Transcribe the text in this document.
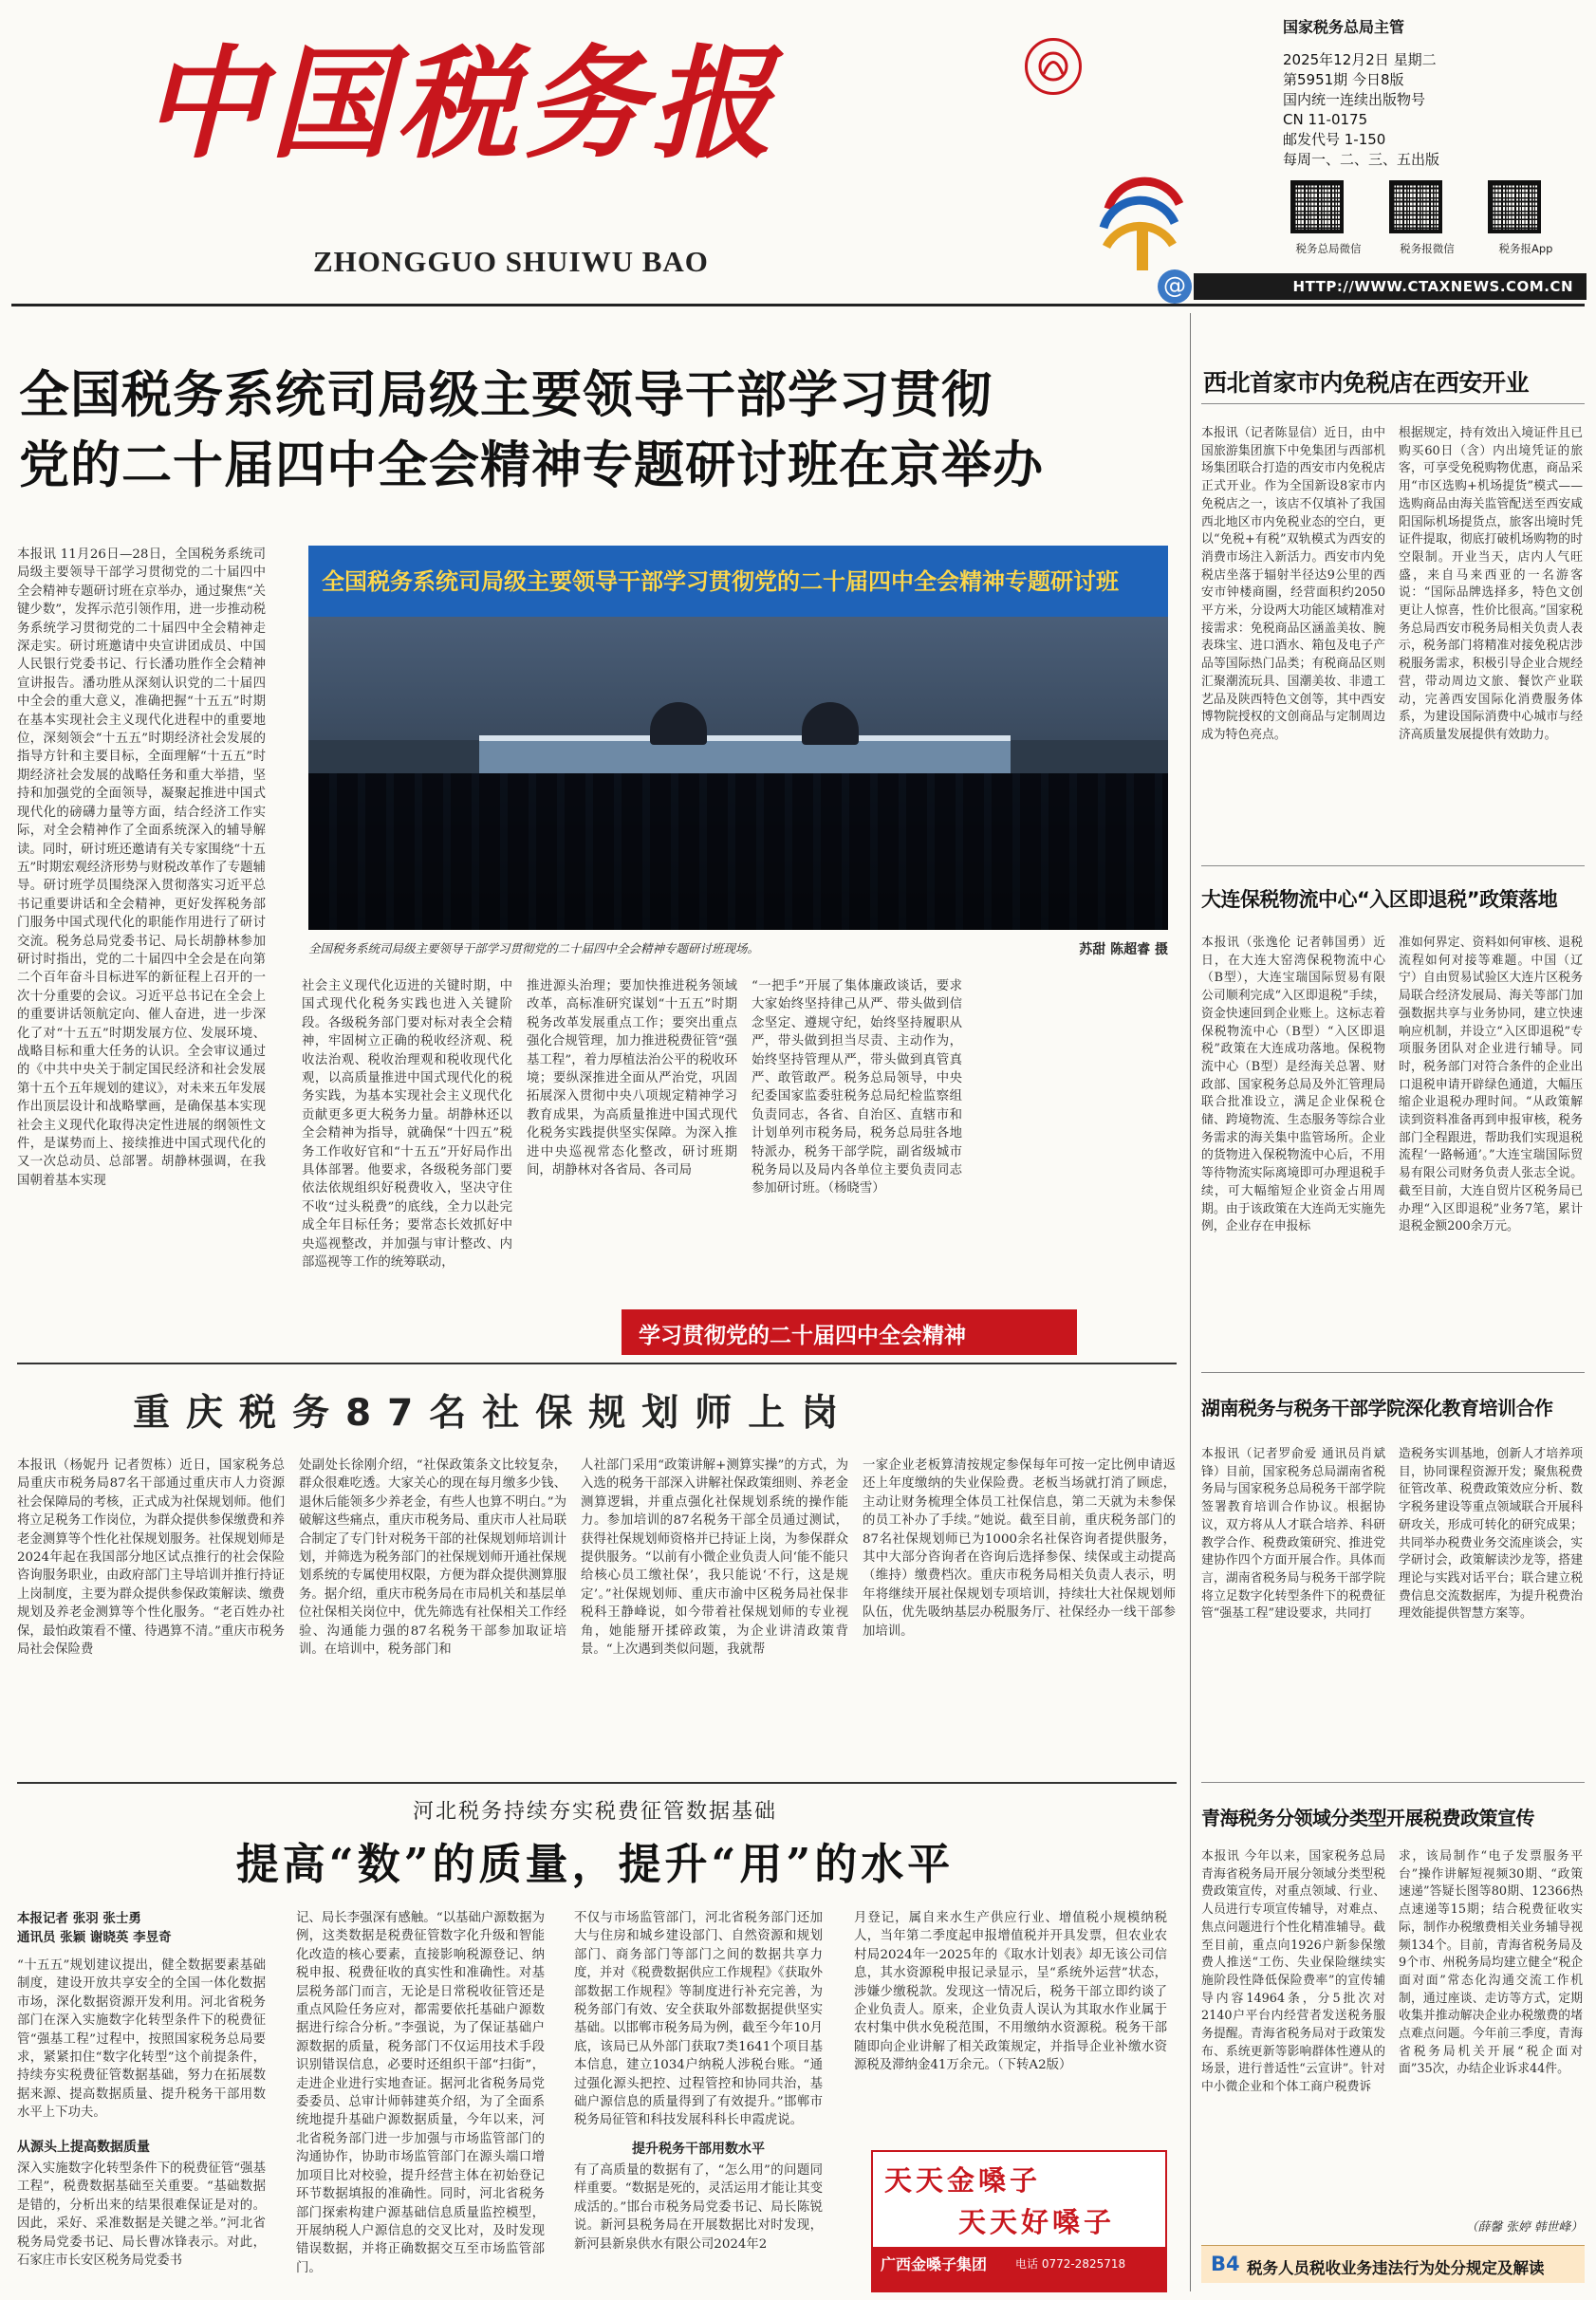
中国税务报
ZHONGGUO SHUIWU BAO
国家税务总局主管
2025年12月2日 星期二
第5951期 今日8版
国内统一连续出版物号
CN 11-0175
邮发代号 1-150
每周一、二、三、五出版
税务总局微信	税务报微信	税务报App
@	HTTP://WWW.CTAXNEWS.COM.CN
全国税务系统司局级主要领导干部学习贯彻
党的二十届四中全会精神专题研讨班在京举办
本报讯 11月26日—28日，全国税务系统司局级主要领导干部学习贯彻党的二十届四中全会精神专题研讨班在京举办，通过聚焦“关键少数”，发挥示范引领作用，进一步推动税务系统学习贯彻党的二十届四中全会精神走深走实。研讨班邀请中央宣讲团成员、中国人民银行党委书记、行长潘功胜作全会精神宣讲报告。潘功胜从深刻认识党的二十届四中全会的重大意义，准确把握“十五五”时期在基本实现社会主义现代化进程中的重要地位，深刻领会“十五五”时期经济社会发展的指导方针和主要目标，全面理解“十五五”时期经济社会发展的战略任务和重大举措，坚持和加强党的全面领导，凝聚起推进中国式现代化的磅礴力量等方面，结合经济工作实际，对全会精神作了全面系统深入的辅导解读。同时，研讨班还邀请有关专家围绕“十五五”时期宏观经济形势与财税改革作了专题辅导。研讨班学员围绕深入贯彻落实习近平总书记重要讲话和全会精神，更好发挥税务部门服务中国式现代化的职能作用进行了研讨交流。税务总局党委书记、局长胡静林参加研讨时指出，党的二十届四中全会是在向第二个百年奋斗目标进军的新征程上召开的一次十分重要的会议。习近平总书记在全会上的重要讲话领航定向、催人奋进，进一步深化了对“十五五”时期发展方位、发展环境、战略目标和重大任务的认识。全会审议通过的《中共中央关于制定国民经济和社会发展第十五个五年规划的建议》，对未来五年发展作出顶层设计和战略擘画，是确保基本实现社会主义现代化取得决定性进展的纲领性文件，是谋势而上、接续推进中国式现代化的又一次总动员、总部署。胡静林强调，在我国朝着基本实现
全国税务系统司局级主要领导干部学习贯彻党的二十届四中全会精神专题研讨班
全国税务系统司局级主要领导干部学习贯彻党的二十届四中全会精神专题研讨班现场。	苏甜 陈超睿 摄
社会主义现代化迈进的关键时期，中国式现代化税务实践也进入关键阶段。各级税务部门要对标对表全会精神，牢固树立正确的税收经济观、税收法治观、税收治理观和税收现代化观，以高质量推进中国式现代化的税务实践，为基本实现社会主义现代化贡献更多更大税务力量。胡静林还以全会精神为指导，就确保“十四五”税务工作收好官和“十五五”开好局作出具体部署。他要求，各级税务部门要依法依规组织好税费收入，坚决守住不收“过头税费”的底线，全力以赴完成全年目标任务；要常态长效抓好中央巡视整改，并加强与审计整改、内部巡视等工作的统筹联动，
推进源头治理；要加快推进税务领域改革，高标准研究谋划“十五五”时期税务改革发展重点工作；要突出重点强化合规管理，加力推进税费征管“强基工程”，着力厚植法治公平的税收环境；要纵深推进全面从严治党，巩固拓展深入贯彻中央八项规定精神学习教育成果，为高质量推进中国式现代化税务实践提供坚实保障。为深入推进中央巡视常态化整改，研讨班期间，胡静林对各省局、各司局
“一把手”开展了集体廉政谈话，要求大家始终坚持律己从严、带头做到信念坚定、遵规守纪，始终坚持履职从严，带头做到担当尽责、主动作为，始终坚持管理从严，带头做到真管真严、敢管敢严。税务总局领导，中央纪委国家监委驻税务总局纪检监察组负责同志，各省、自治区、直辖市和计划单列市税务局，税务总局驻各地特派办，税务干部学院，副省级城市税务局以及局内各单位主要负责同志参加研讨班。（杨晓雪）
学习贯彻党的二十届四中全会精神
重庆税务87名社保规划师上岗
本报讯（杨妮丹 记者贺栋）近日，国家税务总局重庆市税务局87名干部通过重庆市人力资源社会保障局的考核，正式成为社保规划师。他们将立足税务工作岗位，为群众提供参保缴费和养老金测算等个性化社保规划服务。社保规划师是2024年起在我国部分地区试点推行的社会保险咨询服务职业，由政府部门主导培训并推行持证上岗制度，主要为群众提供参保政策解读、缴费规划及养老金测算等个性化服务。“老百姓办社保，最怕政策看不懂、待遇算不清。”重庆市税务局社会保险费
处副处长徐刚介绍，“社保政策条文比较复杂，群众很难吃透。大家关心的现在每月缴多少钱、退休后能领多少养老金，有些人也算不明白。”为破解这些痛点，重庆市税务局、重庆市人社局联合制定了专门针对税务干部的社保规划师培训计划，并筛选为税务部门的社保规划师开通社保规划系统的专属使用权限，方便为群众提供测算服务。据介绍，重庆市税务局在市局机关和基层单位社保相关岗位中，优先筛选有社保相关工作经验、沟通能力强的87名税务干部参加取证培训。在培训中，税务部门和
人社部门采用“政策讲解+测算实操”的方式，为入选的税务干部深入讲解社保政策细则、养老金测算逻辑，并重点强化社保规划系统的操作能力。参加培训的87名税务干部全员通过测试，获得社保规划师资格并已持证上岗，为参保群众提供服务。“以前有小微企业负责人问‘能不能只给核心员工缴社保’，我只能说‘不行，这是规定’。”社保规划师、重庆市渝中区税务局社保非税科王静峰说，如今带着社保规划师的专业视角，她能掰开揉碎政策，为企业讲清政策背景。“上次遇到类似问题，我就帮
一家企业老板算清按规定参保每年可按一定比例申请返还上年度缴纳的失业保险费。老板当场就打消了顾虑，主动让财务梳理全体员工社保信息，第二天就为未参保的员工补办了手续。”她说。截至目前，重庆税务部门的87名社保规划师已为1000余名社保咨询者提供服务，其中大部分咨询者在咨询后选择参保、续保或主动提高（维持）缴费档次。重庆市税务局相关负责人表示，明年将继续开展社保规划专项培训，持续壮大社保规划师队伍，优先吸纳基层办税服务厅、社保经办一线干部参加培训。
河北税务持续夯实税费征管数据基础
提高“数”的质量，提升“用”的水平
本报记者 张羽 张士勇
通讯员 张颖 谢晓英 李昱奇
“十五五”规划建议提出，健全数据要素基础制度，建设开放共享安全的全国一体化数据市场，深化数据资源开发利用。河北省税务部门在深入实施数字化转型条件下的税费征管“强基工程”过程中，按照国家税务总局要求，紧紧扣住“数字化转型”这个前提条件，持续夯实税费征管数据基础，努力在拓展数据来源、提高数据质量、提升税务干部用数水平上下功夫。
从源头上提高数据质量
深入实施数字化转型条件下的税费征管“强基工程”，税费数据基础至关重要。“基础数据是错的，分析出来的结果很难保证是对的。因此，采好、采准数据是关键之举。”河北省税务局党委书记、局长曹冰锋表示。对此，石家庄市长安区税务局党委书
记、局长李强深有感触。“以基础户源数据为例，这类数据是税费征管数字化升级和智能化改造的核心要素，直接影响税源登记、纳税申报、税费征收的真实性和准确性。对基层税务部门而言，无论是日常税收征管还是重点风险任务应对，都需要依托基础户源数据进行综合分析。”李强说，为了保证基础户源数据的质量，税务部门不仅运用技术手段识别错误信息，必要时还组织干部“扫街”，走进企业进行实地查证。据河北省税务局党委委员、总审计师韩建英介绍，为了全面系统地提升基础户源数据质量，今年以来，河北省税务部门进一步加强与市场监管部门的沟通协作，协助市场监管部门在源头端口增加项目比对校验，提升经营主体在初始登记环节数据填报的准确性。同时，河北省税务部门探索构建户源基础信息质量监控模型，开展纳税人户源信息的交叉比对，及时发现错误数据，并将正确数据交互至市场监管部门。
不仅与市场监管部门，河北省税务部门还加大与住房和城乡建设部门、自然资源和规划部门、商务部门等部门之间的数据共享力度，并对《税费数据供应工作规程》《获取外部数据工作规程》等制度进行补充完善，为税务部门有效、安全获取外部数据提供坚实基础。以邯郸市税务局为例，截至今年10月底，该局已从外部门获取7类1641个项目基本信息，建立1034户纳税人涉税台账。“通过强化源头把控、过程管控和协同共治，基础户源信息的质量得到了有效提升。”邯郸市税务局征管和科技发展科科长申霞虎说。
提升税务干部用数水平
有了高质量的数据有了，“怎么用”的问题同样重要。“数据是死的，灵活运用才能让其变成活的。”邯台市税务局党委书记、局长陈锐说。新河县税务局在开展数据比对时发现，新河县新泉供水有限公司2024年2
月登记，属自来水生产供应行业、增值税小规模纳税人，当年第二季度起申报增值税并开具发票，但农业农村局2024年一2025年的《取水计划表》却无该公司信息，其水资源税申报记录显示，呈“系统外运营”状态，涉嫌少缴税款。发现这一情况后，税务干部立即约谈了企业负责人。原来，企业负责人误认为其取水作业属于农村集中供水免税范围，不用缴纳水资源税。税务干部随即向企业讲解了相关政策规定，并指导企业补缴水资源税及滞纳金41万余元。（下转A2版）
天天金嗓子
天天好嗓子
广西金嗓子集团 电话 0772-2825718
西北首家市内免税店在西安开业
本报讯（记者陈显信）近日，由中国旅游集团旗下中免集团与西部机场集团联合打造的西安市内免税店正式开业。作为全国新设8家市内免税店之一，该店不仅填补了我国西北地区市内免税业态的空白，更以“免税+有税”双轨模式为西安的消费市场注入新活力。西安市内免税店坐落于辐射半径达9公里的西安市钟楼商圈，经营面积约2050平方米，分设两大功能区域精准对接需求：免税商品区涵盖美妆、腕表珠宝、进口酒水、箱包及电子产品等国际热门品类；有税商品区则汇聚潮流玩具、国潮美妆、非遗工艺品及陕西特色文创等，其中西安博物院授权的文创商品与定制周边成为特色亮点。
根据规定，持有效出入境证件且已购买60日（含）内出境凭证的旅客，可享受免税购物优惠，商品采用“市区选购+机场提货”模式——选购商品由海关监管配送至西安咸阳国际机场提货点，旅客出境时凭证件提取，彻底打破机场购物的时空限制。开业当天，店内人气旺盛，来自马来西亚的一名游客说：“国际品牌选择多，特色文创更让人惊喜，性价比很高。”国家税务总局西安市税务局相关负责人表示，税务部门将精准对接免税店涉税服务需求，积极引导企业合规经营，带动周边文旅、餐饮产业联动，完善西安国际化消费服务体系，为建设国际消费中心城市与经济高质量发展提供有效助力。
大连保税物流中心“入区即退税”政策落地
本报讯（张逸伦 记者韩国勇）近日，在大连大窑湾保税物流中心（B型），大连宝瑞国际贸易有限公司顺利完成“入区即退税”手续，资金快速回到企业账上。这标志着保税物流中心（B型）“入区即退税”政策在大连成功落地。保税物流中心（B型）是经海关总署、财政部、国家税务总局及外汇管理局联合批准设立，满足企业保税仓储、跨境物流、生态服务等综合业务需求的海关集中监管场所。企业的货物进入保税物流中心后，不用等待物流实际离境即可办理退税手续，可大幅缩短企业资金占用周期。由于该政策在大连尚无实施先例，企业存在申报标
准如何界定、资料如何审核、退税流程如何对接等难题。中国（辽宁）自由贸易试验区大连片区税务局联合经济发展局、海关等部门加强数据共享与业务协同，建立快速响应机制，并设立“入区即退税”专项服务团队对企业进行辅导。同时，税务部门对符合条件的企业出口退税申请开辟绿色通道，大幅压缩企业退税办理时间。“从政策解读到资料准备再到申报审核，税务部门全程跟进，帮助我们实现退税流程‘一路畅通’。”大连宝瑞国际贸易有限公司财务负责人张志全说。截至目前，大连自贸片区税务局已办理“入区即退税”业务7笔，累计退税金额200余万元。
湖南税务与税务干部学院深化教育培训合作
本报讯（记者罗俞爱 通讯员肖斌锋）目前，国家税务总局湖南省税务局与国家税务总局税务干部学院签署教育培训合作协议。根据协议，双方将从人才联合培养、科研教学合作、税费政策研究、推进党建协作四个方面开展合作。具体而言，湖南省税务局与税务干部学院将立足数字化转型条件下的税费征管“强基工程”建设要求，共同打
造税务实训基地，创新人才培养项目，协同课程资源开发；聚焦税费征管改革、税费政策效应分析、数字税务建设等重点领域联合开展科研攻关，形成可转化的研究成果；共同举办税费业务交流座谈会，实学研讨会，政策解读沙龙等，搭建理论与实践对话平台；联合建立税费信息交流数据库，为提升税费治理效能提供智慧方案等。
青海税务分领域分类型开展税费政策宣传
本报讯 今年以来，国家税务总局青海省税务局开展分领域分类型税费政策宣传，对重点领域、行业、人员进行专项宣传辅导，对难点、焦点问题进行个性化精准辅导。截至目前，重点向1926户新参保缴费人推送“工伤、失业保险继续实施阶段性降低保险费率”的宣传辅导内容14964条，分5批次对2140户平台内经营者发送税务服务提醒。青海省税务局对于政策发布、系统更新等影响群体性遵从的场景，进行普适性“云宣讲”。针对中小微企业和个体工商户税费诉
求，该局制作“电子发票服务平台”操作讲解短视频30期、“政策速递”答疑长图等80期、12366热点速递等15期；结合税费征收实际，制作办税缴费相关业务辅导视频134个。目前，青海省税务局及9个市、州税务局均建立健全“税企面对面”常态化沟通交流工作机制，通过座谈、走访等方式，定期收集并推动解决企业办税缴费的堵点难点问题。今年前三季度，青海省税务局机关开展“税企面对面”35次，办结企业诉求44件。
（薛馨 张婷 韩世峰）
B4 税务人员税收业务违法行为处分规定及解读
